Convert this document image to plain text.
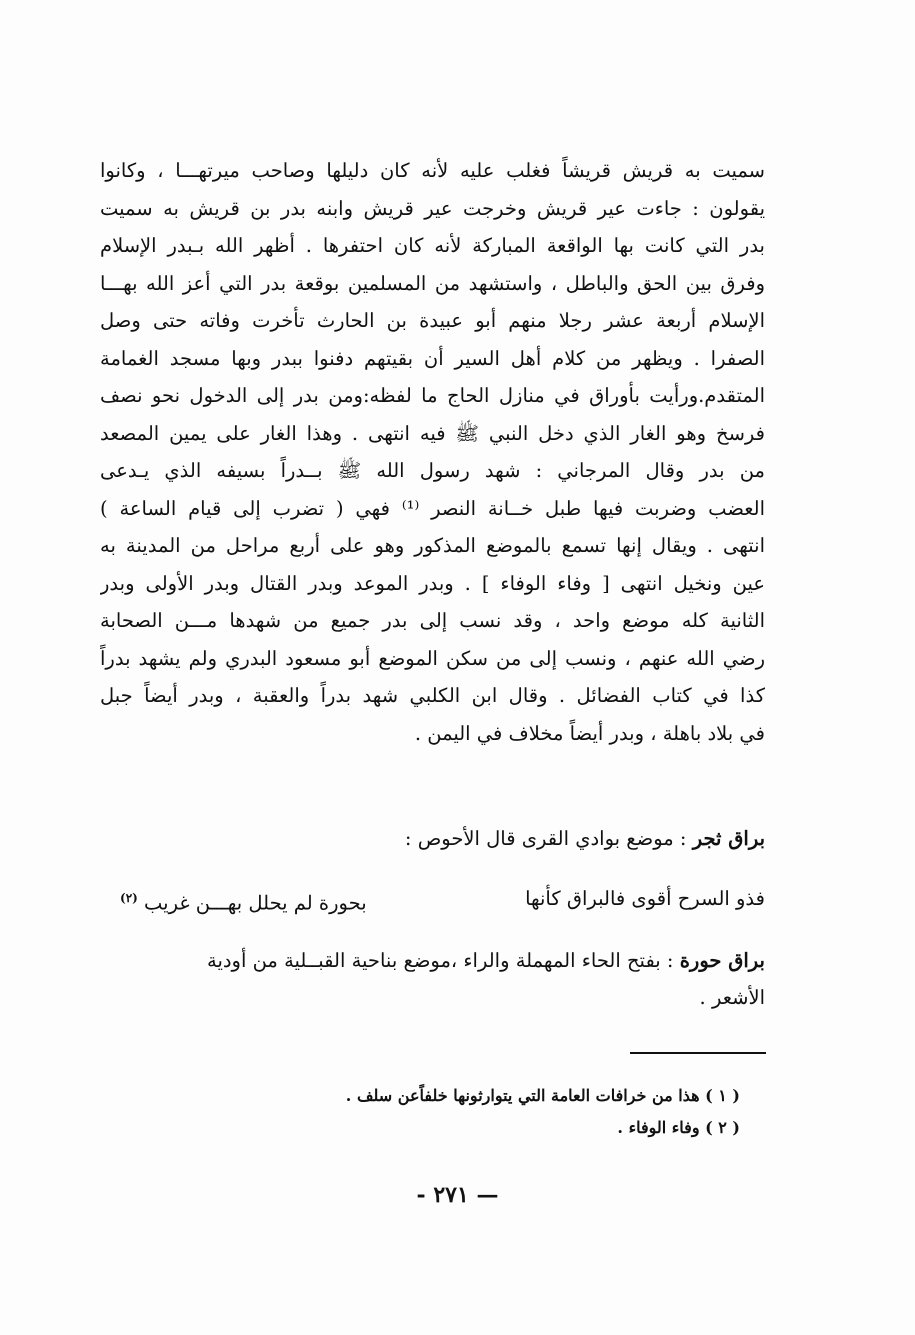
سميت به قريش قريشاً فغلب عليه لأنه كان دليلها وصاحب ميرتهـــا ، وكانوا
يقولون : جاءت عير قريش وخرجت عير قريش وابنه بدر بن قريش به سميت
بدر التي كانت بها الواقعة المباركة لأنه كان احتفرها . أظهر الله بـبدر الإسلام
وفرق بين الحق والباطل ، واستشهد من المسلمين بوقعة بدر التي أعز الله بهـــا
الإسلام أربعة عشر رجلا منهم أبو عبيدة بن الحارث تأخرت وفاته حتى وصل
الصفرا . ويظهر من كلام أهل السير أن بقيتهم دفنوا ببدر وبها مسجد الغمامة
المتقدم.ورأيت بأوراق في منازل الحاج ما لفظه:ومن بدر إلى الدخول نحو نصف
فرسخ وهو الغار الذي دخل النبي ﷺ فيه انتهى . وهذا الغار على يمين المصعد
من بدر وقال المرجاني : شهد رسول الله ﷺ بــدراً بسيفه الذي يـدعى
العضب وضربت فيها طبل خــانة النصر ⁽¹⁾ فهي ( تضرب إلى قيام الساعة )
انتهى . ويقال إنها تسمع بالموضع المذكور وهو على أربع مراحل من المدينة به
عين ونخيل انتهى [ وفاء الوفاء ] . وبدر الموعد وبدر القتال وبدر الأولى وبدر
الثانية كله موضع واحد ، وقد نسب إلى بدر جميع من شهدها مـــن الصحابة
رضي الله عنهم ، ونسب إلى من سكن الموضع أبو مسعود البدري ولم يشهد بدراً
كذا في كتاب الفضائل . وقال ابن الكلبي شهد بدراً والعقبة ، وبدر أيضاً جبل
في بلاد باهلة ، وبدر أيضاً مخلاف في اليمن .
براق ثجر : موضع بوادي القرى قال الأحوص :
فذو السرح أقوى فالبراق كأنها
بحورة لم يحلل بهـــن غريب $^{(٢)}$
براق حورة : بفتح الحاء المهملة والراء ،موضع بناحية القبــلية من أودية
الأشعر .
( ١ ) هذا من خرافات العامة التي يتوارثونها خلفاًعن سلف .
( ٢ ) وفاء الوفاء .
— ٢٧١ -
